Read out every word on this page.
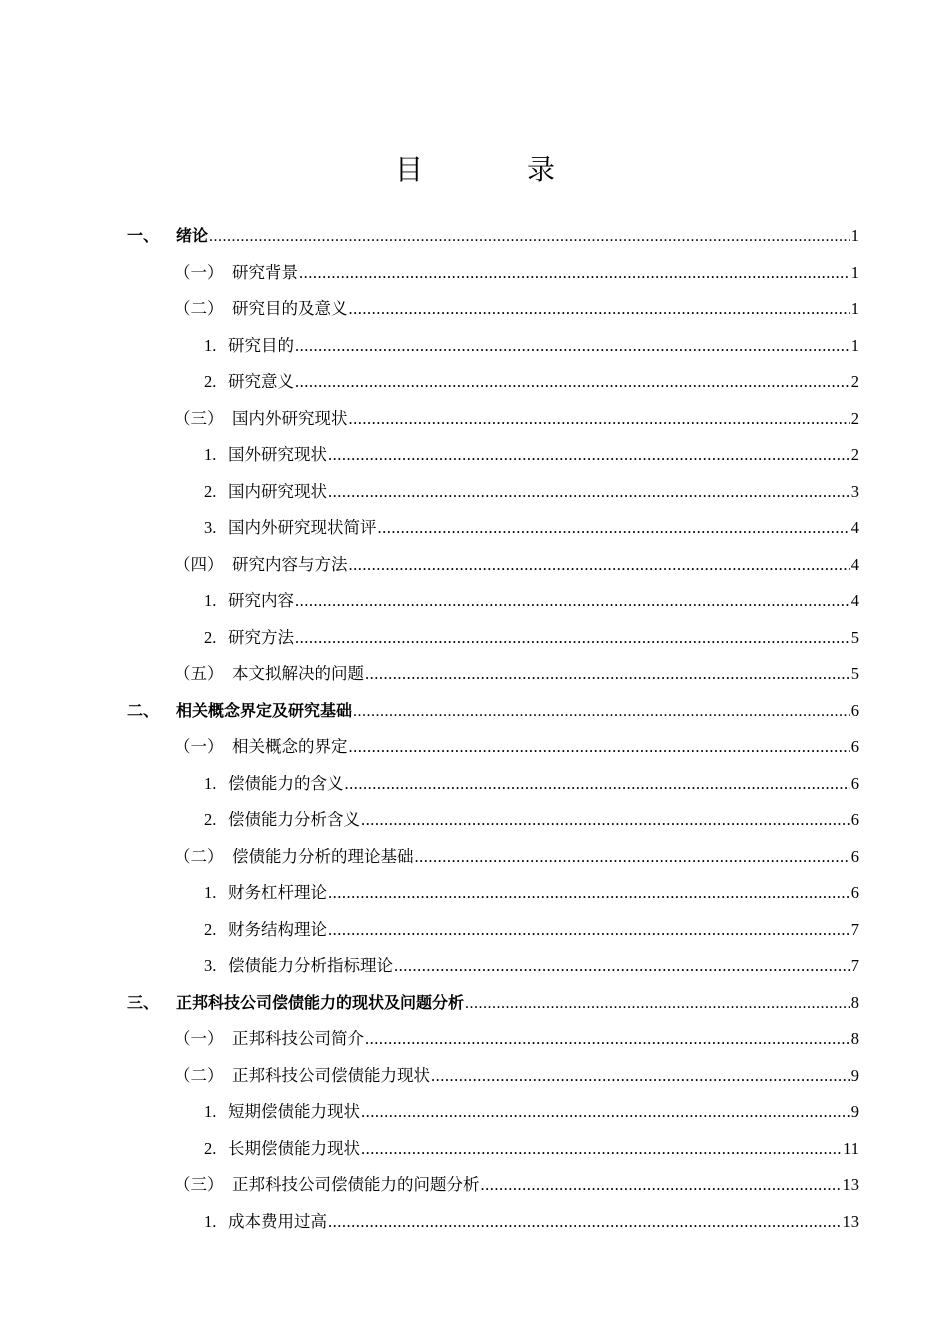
目　录
一、	绪论 .....	1
（一） 研究背景 .....	1
（二） 研究目的及意义 .....	1
1. 研究目的 .....	1
2. 研究意义 .....	2
（三） 国内外研究现状 .....	2
1. 国外研究现状 .....	2
2. 国内研究现状 .....	3
3. 国内外研究现状简评 .....	4
（四） 研究内容与方法 .....	4
1. 研究内容 .....	4
2. 研究方法 .....	5
（五） 本文拟解决的问题 .....	5
二、	相关概念界定及研究基础 .....	6
（一） 相关概念的界定 .....	6
1. 偿债能力的含义 .....	6
2. 偿债能力分析含义 .....	6
（二） 偿债能力分析的理论基础 .....	6
1. 财务杠杆理论 .....	6
2. 财务结构理论 .....	7
3. 偿债能力分析指标理论 .....	7
三、	正邦科技公司偿债能力的现状及问题分析 .....	8
（一） 正邦科技公司简介 .....	8
（二） 正邦科技公司偿债能力现状 .....	9
1. 短期偿债能力现状 .....	9
2. 长期偿债能力现状 .....	11
（三） 正邦科技公司偿债能力的问题分析 .....	13
1. 成本费用过高 .....	13
